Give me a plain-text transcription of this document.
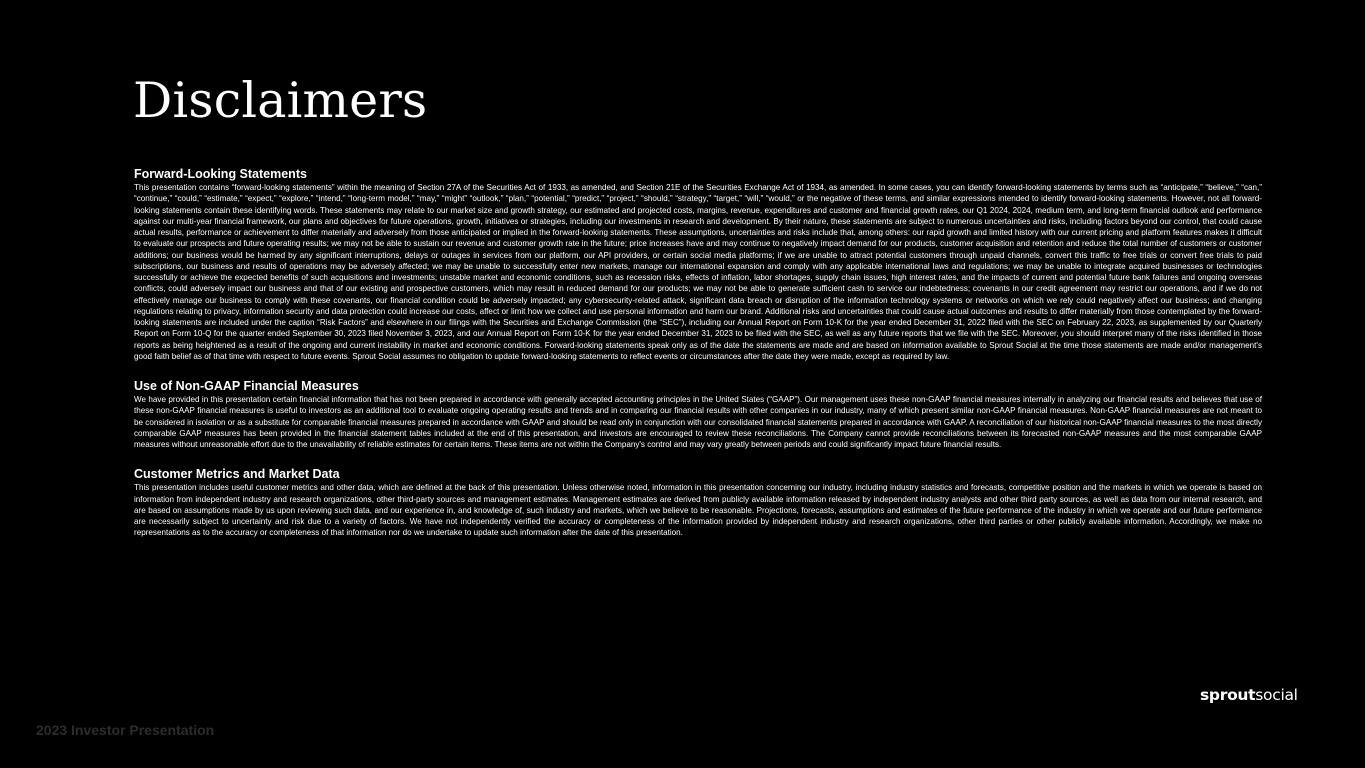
Disclaimers
Forward-Looking Statements

This presentation contains “forward-looking statements” within the meaning of Section 27A of the Securities Act of 1933, as amended, and Section 21E of the Securities Exchange Act of 1934, as amended. In some cases, you can identify forward-looking statements by terms such as “anticipate,” “believe,” “can,” “continue,” “could,” “estimate,” “expect,” “explore,” “intend,” “long-term model,” “may,” “might” “outlook,” “plan,” “potential,” “predict,” “project,” “should,” “strategy,” “target,” “will,” “would,” or the negative of these terms, and similar expressions intended to identify forward-looking statements. However, not all forward-looking statements contain these identifying words. These statements may relate to our market size and growth strategy, our estimated and projected costs, margins, revenue, expenditures and customer and financial growth rates, our Q1 2024, 2024, medium term, and long-term financial outlook and performance against our multi-year financial framework, our plans and objectives for future operations, growth, initiatives or strategies, including our investments in research and development. By their nature, these statements are subject to numerous uncertainties and risks, including factors beyond our control, that could cause actual results, performance or achievement to differ materially and adversely from those anticipated or implied in the forward-looking statements. These assumptions, uncertainties and risks include that, among others: our rapid growth and limited history with our current pricing and platform features makes it difficult to evaluate our prospects and future operating results; we may not be able to sustain our revenue and customer growth rate in the future; price increases have and may continue to negatively impact demand for our products, customer acquisition and retention and reduce the total number of customers or customer additions; our business would be harmed by any significant interruptions, delays or outages in services from our platform, our API providers, or certain social media platforms; if we are unable to attract potential customers through unpaid channels, convert this traffic to free trials or convert free trials to paid subscriptions, our business and results of operations may be adversely affected; we may be unable to successfully enter new markets, manage our international expansion and comply with any applicable international laws and regulations; we may be unable to integrate acquired businesses or technologies successfully or achieve the expected benefits of such acquisitions and investments; unstable market and economic conditions, such as recession risks, effects of inflation, labor shortages, supply chain issues, high interest rates, and the impacts of current and potential future bank failures and ongoing overseas conflicts, could adversely impact our business and that of our existing and prospective customers, which may result in reduced demand for our products; we may not be able to generate sufficient cash to service our indebtedness; covenants in our credit agreement may restrict our operations, and if we do not effectively manage our business to comply with these covenants, our financial condition could be adversely impacted; any cybersecurity-related attack, significant data breach or disruption of the information technology systems or networks on which we rely could negatively affect our business; and changing regulations relating to privacy, information security and data protection could increase our costs, affect or limit how we collect and use personal information and harm our brand. Additional risks and uncertainties that could cause actual outcomes and results to differ materially from those contemplated by the forward-looking statements are included under the caption “Risk Factors” and elsewhere in our filings with the Securities and Exchange Commission (the “SEC”), including our Annual Report on Form 10-K for the year ended December 31, 2022 filed with the SEC on February 22, 2023, as supplemented by our Quarterly Report on Form 10-Q for the quarter ended September 30, 2023 filed November 3, 2023, and our Annual Report on Form 10-K for the year ended December 31, 2023 to be filed with the SEC, as well as any future reports that we file with the SEC. Moreover, you should interpret many of the risks identified in those reports as being heightened as a result of the ongoing and current instability in market and economic conditions. Forward-looking statements speak only as of the date the statements are made and are based on information available to Sprout Social at the time those statements are made and/or management's good faith belief as of that time with respect to future events. Sprout Social assumes no obligation to update forward-looking statements to reflect events or circumstances after the date they were made, except as required by law.

Use of Non-GAAP Financial Measures

We have provided in this presentation certain financial information that has not been prepared in accordance with generally accepted accounting principles in the United States (“GAAP”). Our management uses these non-GAAP financial measures internally in analyzing our financial results and believes that use of these non-GAAP financial measures is useful to investors as an additional tool to evaluate ongoing operating results and trends and in comparing our financial results with other companies in our industry, many of which present similar non-GAAP financial measures. Non-GAAP financial measures are not meant to be considered in isolation or as a substitute for comparable financial measures prepared in accordance with GAAP and should be read only in conjunction with our consolidated financial statements prepared in accordance with GAAP. A reconciliation of our historical non-GAAP financial measures to the most directly comparable GAAP measures has been provided in the financial statement tables included at the end of this presentation, and investors are encouraged to review these reconciliations. The Company cannot provide reconciliations between its forecasted non-GAAP measures and the most comparable GAAP measures without unreasonable effort due to the unavailability of reliable estimates for certain items. These items are not within the Company's control and may vary greatly between periods and could significantly impact future financial results.

Customer Metrics and Market Data

This presentation includes useful customer metrics and other data, which are defined at the back of this presentation. Unless otherwise noted, information in this presentation concerning our industry, including industry statistics and forecasts, competitive position and the markets in which we operate is based on information from independent industry and research organizations, other third-party sources and management estimates. Management estimates are derived from publicly available information released by independent industry analysts and other third party sources, as well as data from our internal research, and are based on assumptions made by us upon reviewing such data, and our experience in, and knowledge of, such industry and markets, which we believe to be reasonable. Projections, forecasts, assumptions and estimates of the future performance of the industry in which we operate and our future performance are necessarily subject to uncertainty and risk due to a variety of factors. We have not independently verified the accuracy or completeness of the information provided by independent industry and research organizations, other third parties or other publicly available information. Accordingly, we make no representations as to the accuracy or completeness of that information nor do we undertake to update such information after the date of this presentation.

sproutsocial
2023 Investor Presentation
